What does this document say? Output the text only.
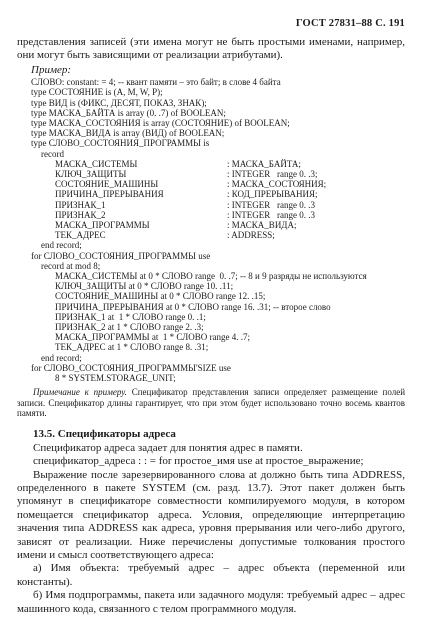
ГОСТ 27831–88 С. 191

представления записей (эти имена могут не быть простыми именами, например, они могут быть зависящими от реализации атрибутами).

Пример:

СЛОВО: constant: = 4; -- квант памяти – это байт; в слове 4 байта
type СОСТОЯНИЕ is (A, M, W, P);
type ВИД is (ФИКС, ДЕСЯТ, ПОКАЗ, ЗНАК);
type МАСКА_БАЙТА is array (0. .7) of BOOLEAN;
type МАСКА_СОСТОЯНИЯ is array (СОСТОЯНИЕ) of BOOLEAN;
type МАСКА_ВИДА is array (ВИД) of BOOLEAN;
type СЛОВО_СОСТОЯНИЯ_ПРОГРАММЫ is
record
МАСКА_СИСТЕМЫ	: МАСКА_БАЙТА;
КЛЮЧ_ЗАЩИТЫ	: INTEGER   range 0. .3;
СОСТОЯНИЕ_МАШИНЫ	: МАСКА_СОСТОЯНИЯ;
ПРИЧИНА_ПРЕРЫВАНИЯ	: КОД_ПРЕРЫВАНИЯ;
ПРИЗНАК_1	: INTEGER   range 0. .3
ПРИЗНАК_2	: INTEGER   range 0. .3
МАСКА_ПРОГРАММЫ	: МАСКА_ВИДА;
ТЕК_АДРЕС	: ADDRESS;
end record;
for СЛОВО_СОСТОЯНИЯ_ПРОГРАММЫ use
record at mod 8;
МАСКА_СИСТЕМЫ at 0 * СЛОВО range  0. .7; -- 8 и 9 разряды не используются
КЛЮЧ_ЗАЩИТЫ at 0 * СЛОВО range 10. .11;
СОСТОЯНИЕ_МАШИНЫ at 0 * СЛОВО range 12. .15;
ПРИЧИНА_ПРЕРЫВАНИЯ at 0 * СЛОВО range 16. .31; -- второе слово
ПРИЗНАК_1 at  1 * СЛОВО range 0. .1;
ПРИЗНАК_2 at 1 * СЛОВО range 2. .3;
МАСКА_ПРОГРАММЫ at  1 * СЛОВО range 4. .7;
ТЕК_АДРЕС at 1 * СЛОВО range 8. .31;
end record;
for СЛОВО_СОСТОЯНИЯ_ПРОГРАММЫ'SIZE use
8 * SYSTEM.STORAGE_UNIT;

Примечание к примеру. Спецификатор представления записи определяет размещение полей записи. Спецификатор длины гарантирует, что при этом будет использовано точно восемь квантов памяти.

13.5. Спецификаторы адреса

Спецификатор адреса задает для понятия адрес в памяти.

спецификатор_адреса : : = for простое_имя use at простое_выражение;

Выражение после зарезервированного слова at должно быть типа ADDRESS, определенного в пакете SYSTEM (см. разд. 13.7). Этот пакет должен быть упомянут в спецификаторе совместности компилируемого модуля, в котором помещается спецификатор адреса. Условия, определяющие интерпретацию значения типа ADDRESS как адреса, уровня прерывания или чего-либо другого, зависят от реализации. Ниже перечислены допустимые толкования простого имени и смысл соответствующего адреса:

а) Имя объекта: требуемый адрес – адрес объекта (переменной или константы).
б) Имя подпрограммы, пакета или задачного модуля: требуемый адрес – адрес машинного кода, связанного с телом программного модуля.
